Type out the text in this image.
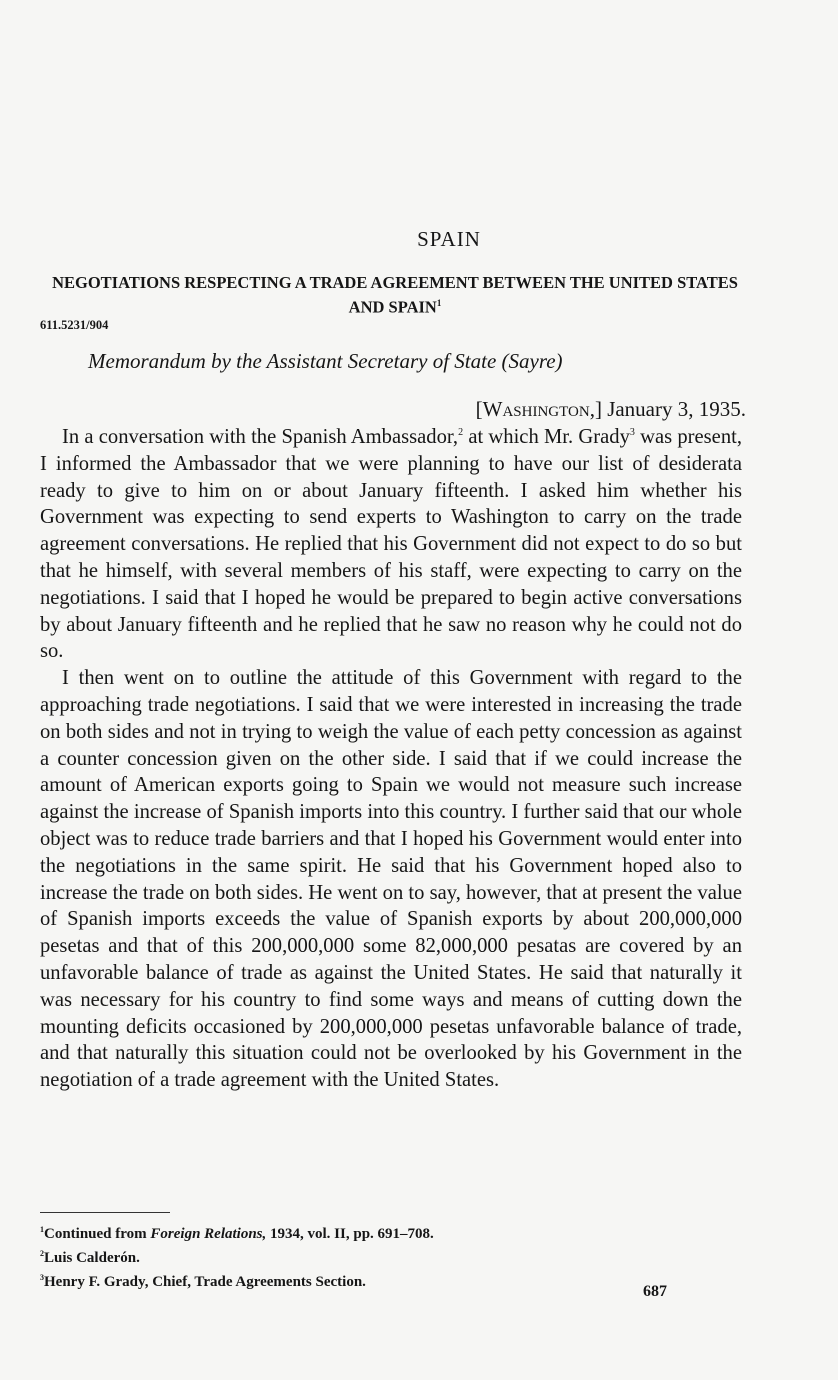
SPAIN
NEGOTIATIONS RESPECTING A TRADE AGREEMENT BETWEEN THE UNITED STATES AND SPAIN$^1$
611.5231/904
Memorandum by the Assistant Secretary of State (Sayre)
[Washington,] January 3, 1935.

In a conversation with the Spanish Ambassador,$^2$ at which Mr. Grady$^3$ was present, I informed the Ambassador that we were planning to have our list of desiderata ready to give to him on or about January fifteenth. I asked him whether his Government was expecting to send experts to Washington to carry on the trade agreement conversations. He replied that his Government did not expect to do so but that he himself, with several members of his staff, were expecting to carry on the negotiations. I said that I hoped he would be prepared to begin active conversations by about January fifteenth and he replied that he saw no reason why he could not do so.

I then went on to outline the attitude of this Government with regard to the approaching trade negotiations. I said that we were interested in increasing the trade on both sides and not in trying to weigh the value of each petty concession as against a counter concession given on the other side. I said that if we could increase the amount of American exports going to Spain we would not measure such increase against the increase of Spanish imports into this country. I further said that our whole object was to reduce trade barriers and that I hoped his Government would enter into the negotiations in the same spirit. He said that his Government hoped also to increase the trade on both sides. He went on to say, however, that at present the value of Spanish imports exceeds the value of Spanish exports by about 200,000,000 pesetas and that of this 200,000,000 some 82,000,000 pesatas are covered by an unfavorable balance of trade as against the United States. He said that naturally it was necessary for his country to find some ways and means of cutting down the mounting deficits occasioned by 200,000,000 pesetas unfavorable balance of trade, and that naturally this situation could not be overlooked by his Government in the negotiation of a trade agreement with the United States.

$^1$Continued from Foreign Relations, 1934, vol. II, pp. 691–708.
$^2$Luis Calderón.
$^3$Henry F. Grady, Chief, Trade Agreements Section.
687
